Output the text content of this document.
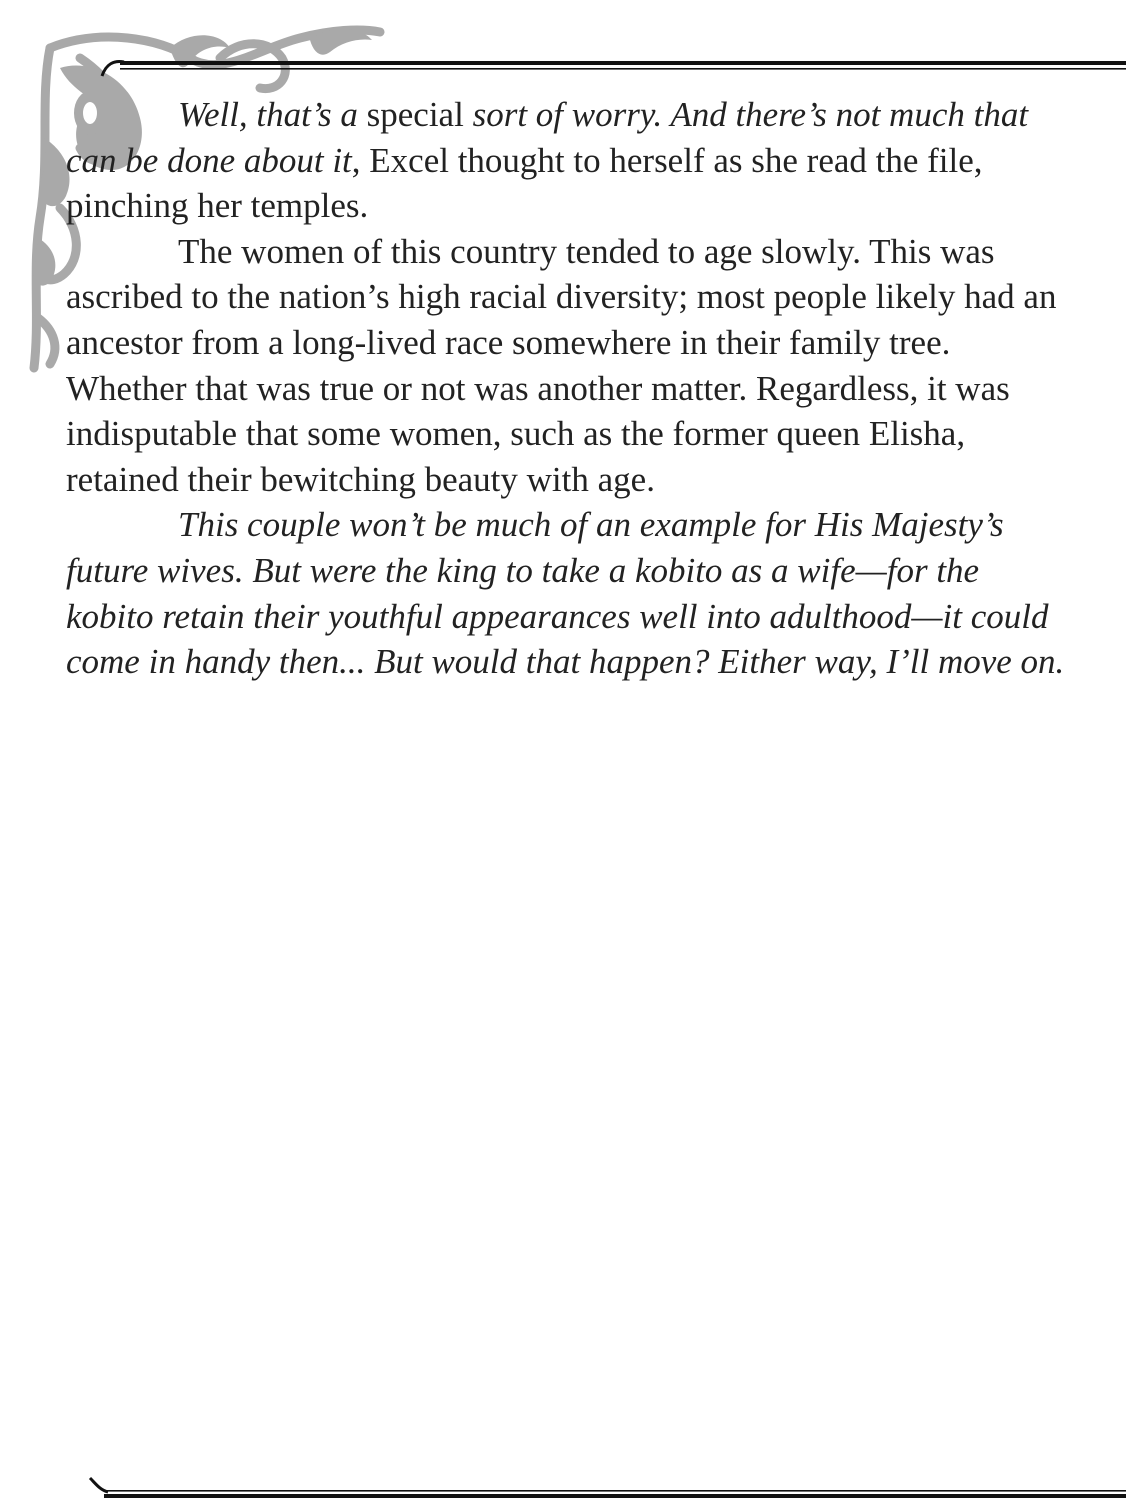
Well, that’s a special sort of worry. And there’s not much that can be done about it, Excel thought to herself as she read the file, pinching her temples.

The women of this country tended to age slowly. This was ascribed to the nation’s high racial diversity; most people likely had an ancestor from a long-lived race somewhere in their family tree. Whether that was true or not was another matter. Regardless, it was indisputable that some women, such as the former queen Elisha, retained their bewitching beauty with age.

This couple won’t be much of an example for His Majesty’s future wives. But were the king to take a kobito as a wife—for the kobito retain their youthful appearances well into adulthood—it could come in handy then... But would that happen? Either way, I’ll move on.
